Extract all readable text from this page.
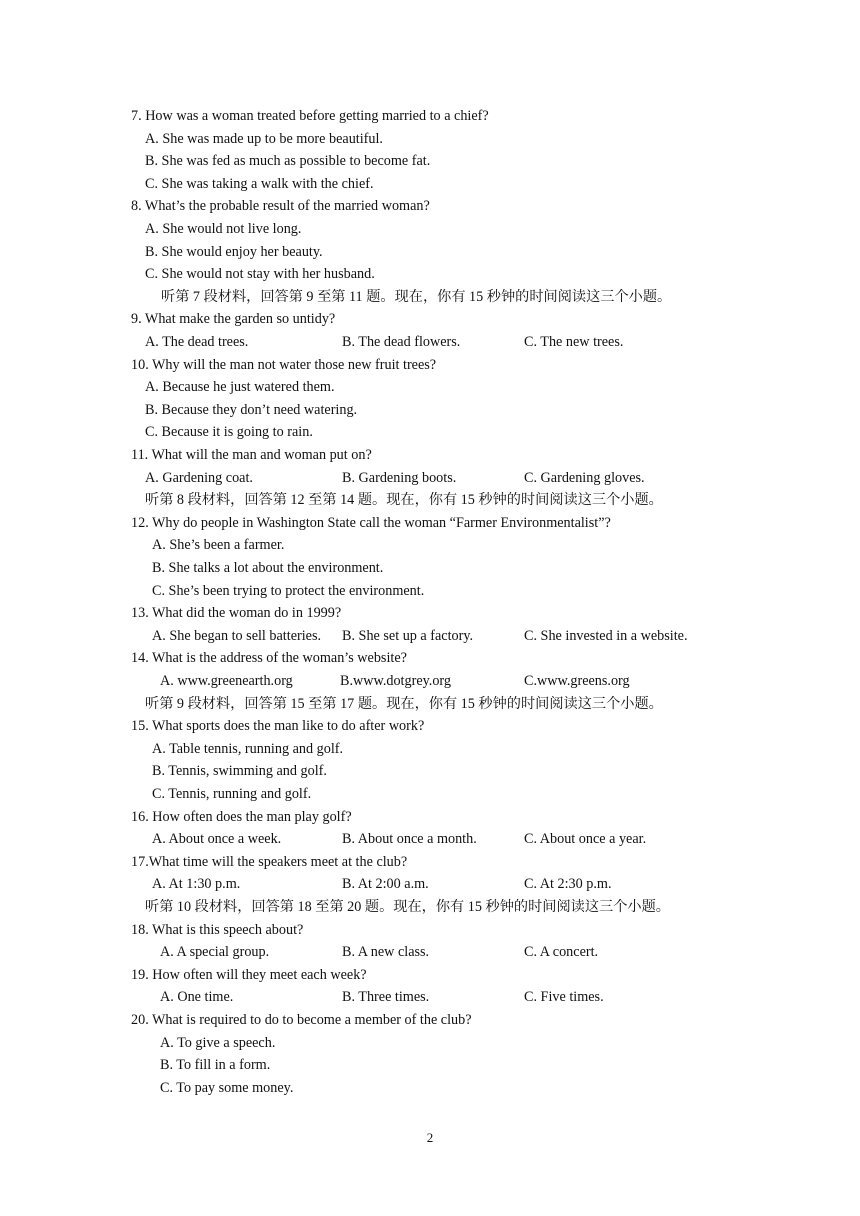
7. How was a woman treated before getting married to a chief?
A. She was made up to be more beautiful.
B. She was fed as much as possible to become fat.
C. She was taking a walk with the chief.
8. What’s the probable result of the married woman?
A. She would not live long.
B. She would enjoy her beauty.
C. She would not stay with her husband.
听第 7 段材料，回答第 9 至第 11 题。现在，你有 15 秒钟的时间阅读这三个小题。
9. What make the garden so untidy?
A. The dead trees.	B. The dead flowers.	C. The new trees.
10. Why will the man not water those new fruit trees?
A. Because he just watered them.
B. Because they don’t need watering.
C. Because it is going to rain.
11. What will the man and woman put on?
A. Gardening coat.	B. Gardening boots.	C. Gardening gloves.
听第 8 段材料，回答第 12 至第 14 题。现在，你有 15 秒钟的时间阅读这三个小题。
12. Why do people in Washington State call the woman “Farmer Environmentalist”?
A. She’s been a farmer.
B. She talks a lot about the environment.
C. She’s been trying to protect the environment.
13. What did the woman do in 1999?
A. She began to sell batteries. B. She set up a factory.	C. She invested in a website.
14. What is the address of the woman’s website?
A. www.greenearth.org	B.www.dotgrey.org	C.www.greens.org
听第 9 段材料，回答第 15 至第 17 题。现在，你有 15 秒钟的时间阅读这三个小题。
15. What sports does the man like to do after work?
A. Table tennis, running and golf.
B. Tennis, swimming and golf.
C. Tennis, running and golf.
16. How often does the man play golf?
A. About once a week.	B. About once a month.	C. About once a year.
17.What time will the speakers meet at the club?
A. At 1:30 p.m.	B. At 2:00 a.m.	C. At 2:30 p.m.
听第 10 段材料，回答第 18 至第 20 题。现在，你有 15 秒钟的时间阅读这三个小题。
18. What is this speech about?
A. A special group.	B. A new class.	C. A concert.
19. How often will they meet each week?
A. One time.	B. Three times.	C. Five times.
20. What is required to do to become a member of the club?
A. To give a speech.
B. To fill in a form.
C. To pay some money.
2
